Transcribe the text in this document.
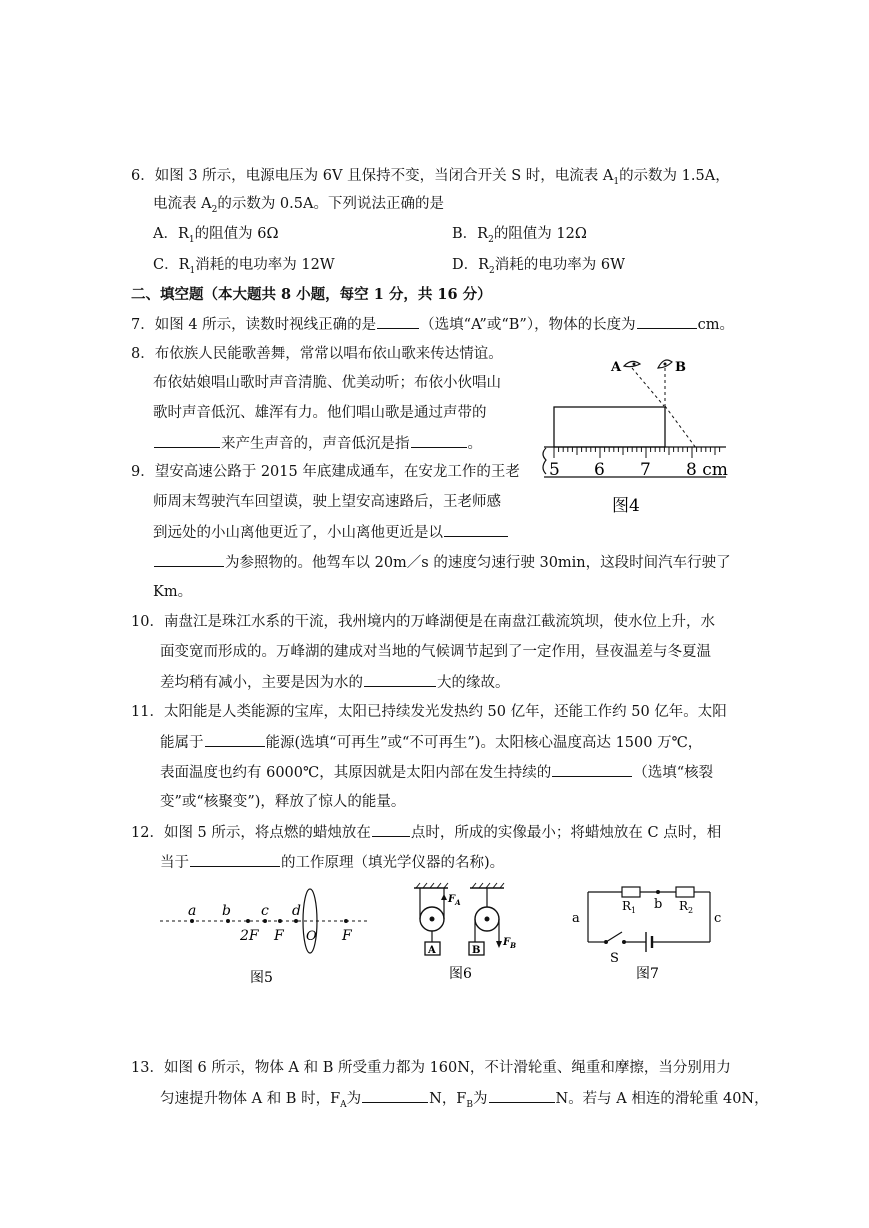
6．如图 3 所示，电源电压为 6V 且保持不变，当闭合开关 S 时，电流表 $A_1$的示数为 1.5A，
电流表 $A_2$的示数为 0.5A。下列说法正确的是
A．$R_1$的阻值为 6Ω	B．$R_2$的阻值为 12Ω
C．$R_1$消耗的电功率为 12W	D．$R_2$消耗的电功率为 6W
二、填空题（本大题共 8 小题，每空 1 分，共 16 分）
7．如图 4 所示，读数时视线正确的是	（选填“A”或“B”），物体的长度为	cm。
8．布依族人民能歌善舞，常常以唱布依山歌来传达情谊。
布依姑娘唱山歌时声音清脆、优美动听；布依小伙唱山
歌时声音低沉、雄浑有力。他们唱山歌是通过声带的
来产生声音的，声音低沉是指	。
9．望安高速公路于 2015 年底建成通车，在安龙工作的王老
师周末驾驶汽车回望谟，驶上望安高速路后，王老师感
到远处的小山离他更近了，小山离他更近是以
为参照物的。他驾车以 20m／s 的速度匀速行驶 30min，这段时间汽车行驶了
Km。
A	B
5 6 7 8 cm
图4
10．南盘江是珠江水系的干流，我州境内的万峰湖便是在南盘江截流筑坝，使水位上升，水
面变宽而形成的。万峰湖的建成对当地的气候调节起到了一定作用，昼夜温差与冬夏温
差均稍有减小，主要是因为水的	大的缘故。
11．太阳能是人类能源的宝库，太阳已持续发光发热约 50 亿年，还能工作约 50 亿年。太阳
能属于	能源(选填“可再生”或“不可再生”)。太阳核心温度高达 1500 万℃，
表面温度也约有 6000℃，其原因就是太阳内部在发生持续的	（选填“核裂
变”或“核聚变”)，释放了惊人的能量。
12．如图 5 所示，将点燃的蜡烛放在	点时，所成的实像最小；将蜡烛放在 C 点时，相
当于	的工作原理（填光学仪器的名称)。
a b c d
2F F O F
图5
A
$F_A$
B
$F_B$
图6
$R_1$ b $R_2$
a	c
S
图7
13．如图 6 所示，物体 A 和 B 所受重力都为 160N，不计滑轮重、绳重和摩擦，当分别用力
匀速提升物体 A 和 B 时，$F_A$为	N，$F_B$为	N。若与 A 相连的滑轮重 40N，
